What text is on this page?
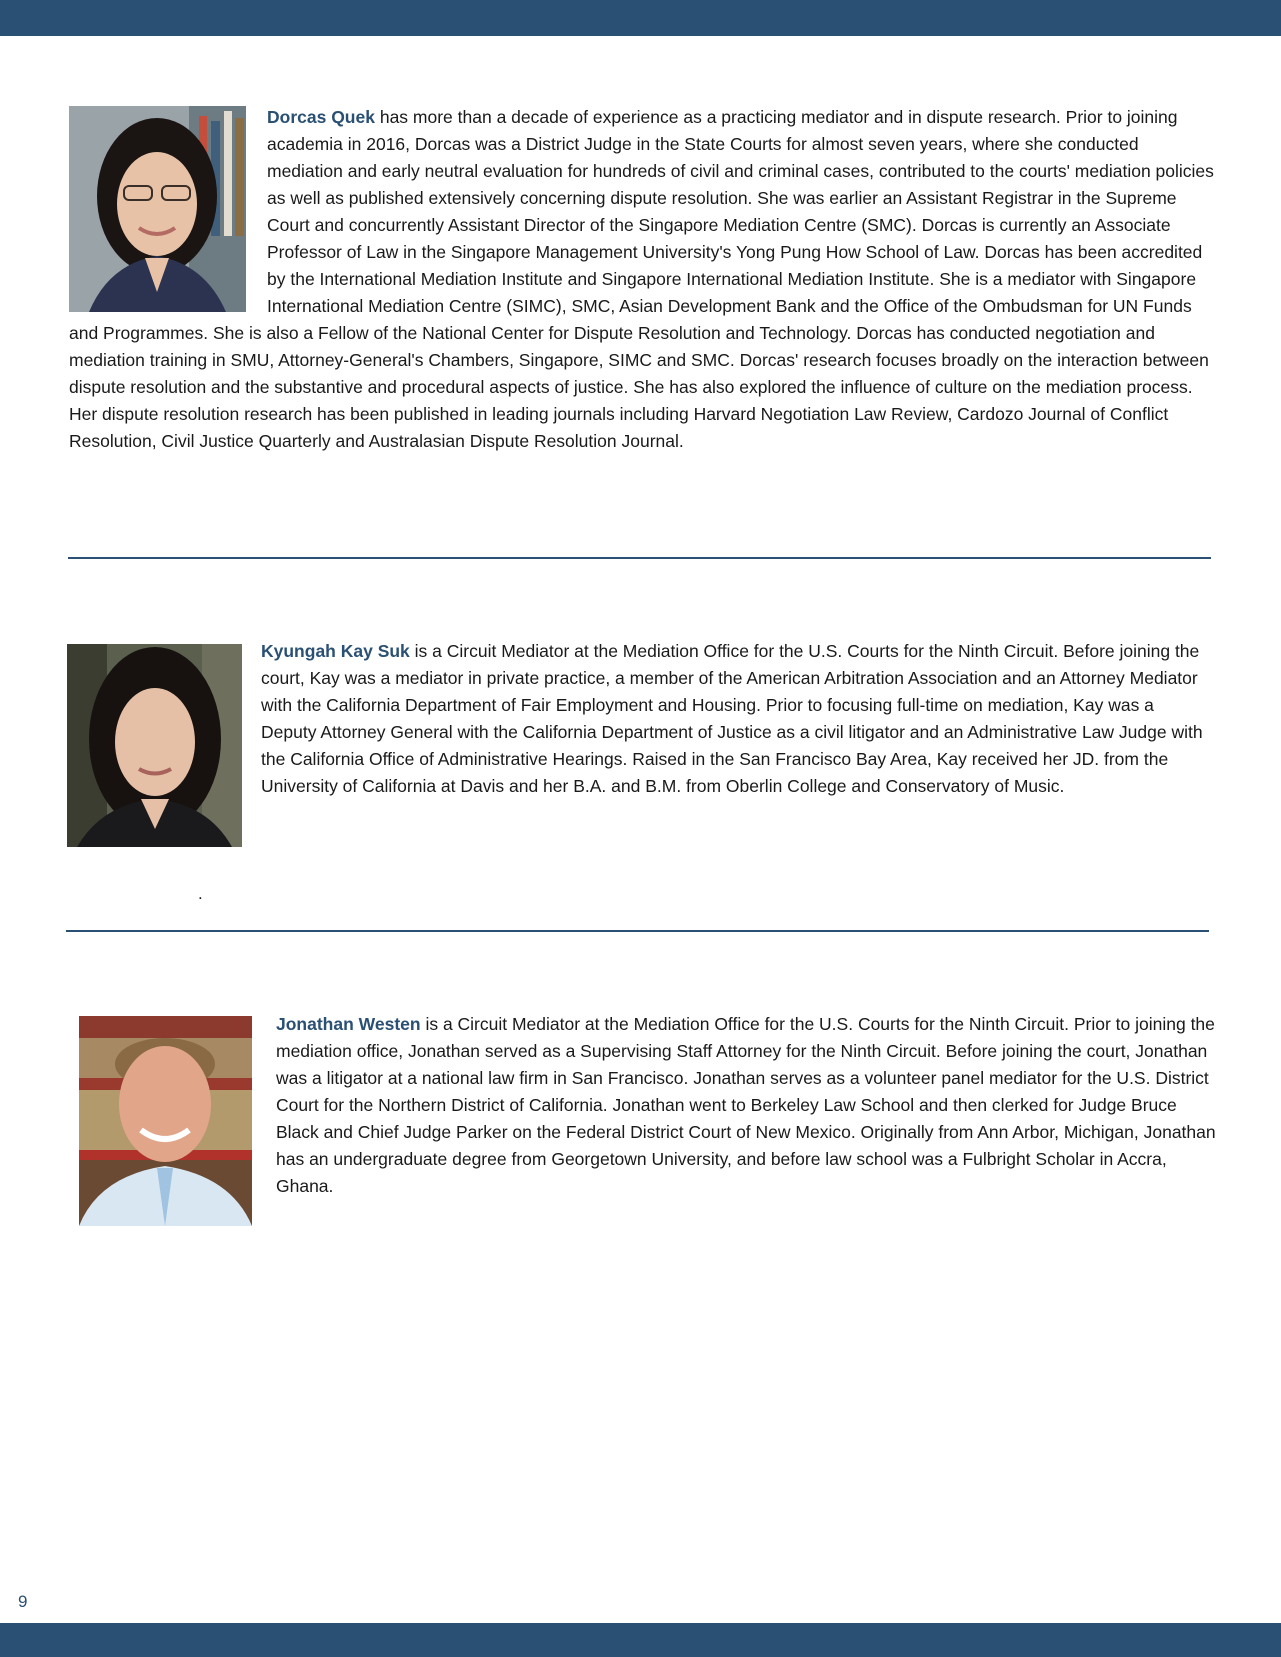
Dorcas Quek has more than a decade of experience as a practicing mediator and in dispute research. Prior to joining academia in 2016, Dorcas was a District Judge in the State Courts for almost seven years, where she conducted mediation and early neutral evaluation for hundreds of civil and criminal cases, contributed to the courts' mediation policies as well as published extensively concerning dispute resolution. She was earlier an Assistant Registrar in the Supreme Court and concurrently Assistant Director of the Singapore Mediation Centre (SMC). Dorcas is currently an Associate Professor of Law in the Singapore Management University's Yong Pung How School of Law. Dorcas has been accredited by the International Mediation Institute and Singapore International Mediation Institute. She is a mediator with Singapore International Mediation Centre (SIMC), SMC, Asian Development Bank and the Office of the Ombudsman for UN Funds and Programmes. She is also a Fellow of the National Center for Dispute Resolution and Technology. Dorcas has conducted negotiation and mediation training in SMU, Attorney-General's Chambers, Singapore, SIMC and SMC. Dorcas' research focuses broadly on the interaction between dispute resolution and the substantive and procedural aspects of justice. She has also explored the influence of culture on the mediation process. Her dispute resolution research has been published in leading journals including Harvard Negotiation Law Review, Cardozo Journal of Conflict Resolution, Civil Justice Quarterly and Australasian Dispute Resolution Journal.
Kyungah Kay Suk is a Circuit Mediator at the Mediation Office for the U.S. Courts for the Ninth Circuit. Before joining the court, Kay was a mediator in private practice, a member of the American Arbitration Association and an Attorney Mediator with the California Department of Fair Employment and Housing. Prior to focusing full-time on mediation, Kay was a Deputy Attorney General with the California Department of Justice as a civil litigator and an Administrative Law Judge with the California Office of Administrative Hearings. Raised in the San Francisco Bay Area, Kay received her JD. from the University of California at Davis and her B.A. and B.M. from Oberlin College and Conservatory of Music.
.
Jonathan Westen is a Circuit Mediator at the Mediation Office for the U.S. Courts for the Ninth Circuit. Prior to joining the mediation office, Jonathan served as a Supervising Staff Attorney for the Ninth Circuit. Before joining the court, Jonathan was a litigator at a national law firm in San Francisco. Jonathan serves as a volunteer panel mediator for the U.S. District Court for the Northern District of California. Jonathan went to Berkeley Law School and then clerked for Judge Bruce Black and Chief Judge Parker on the Federal District Court of New Mexico. Originally from Ann Arbor, Michigan, Jonathan has an undergraduate degree from Georgetown University, and before law school was a Fulbright Scholar in Accra, Ghana.
9
